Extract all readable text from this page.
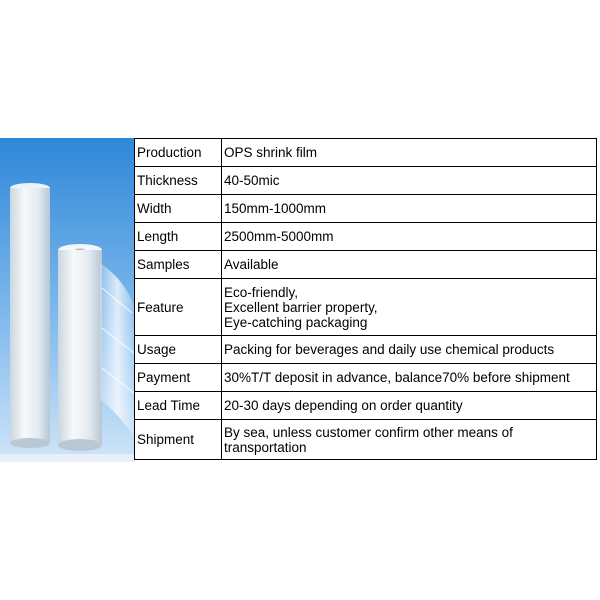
Production	OPS shrink film

Thickness	40-50mic

Width	150mm-1000mm

Length	2500mm-5000mm

Samples	Available

Feature	Eco-friendly,
Excellent barrier property,
Eye-catching packaging

Usage	Packing for beverages and daily use chemical products

Payment	30%T/T deposit in advance, balance70% before shipment

Lead Time	20-30 days depending on order quantity

Shipment	By sea, unless customer confirm other means of
transportation
